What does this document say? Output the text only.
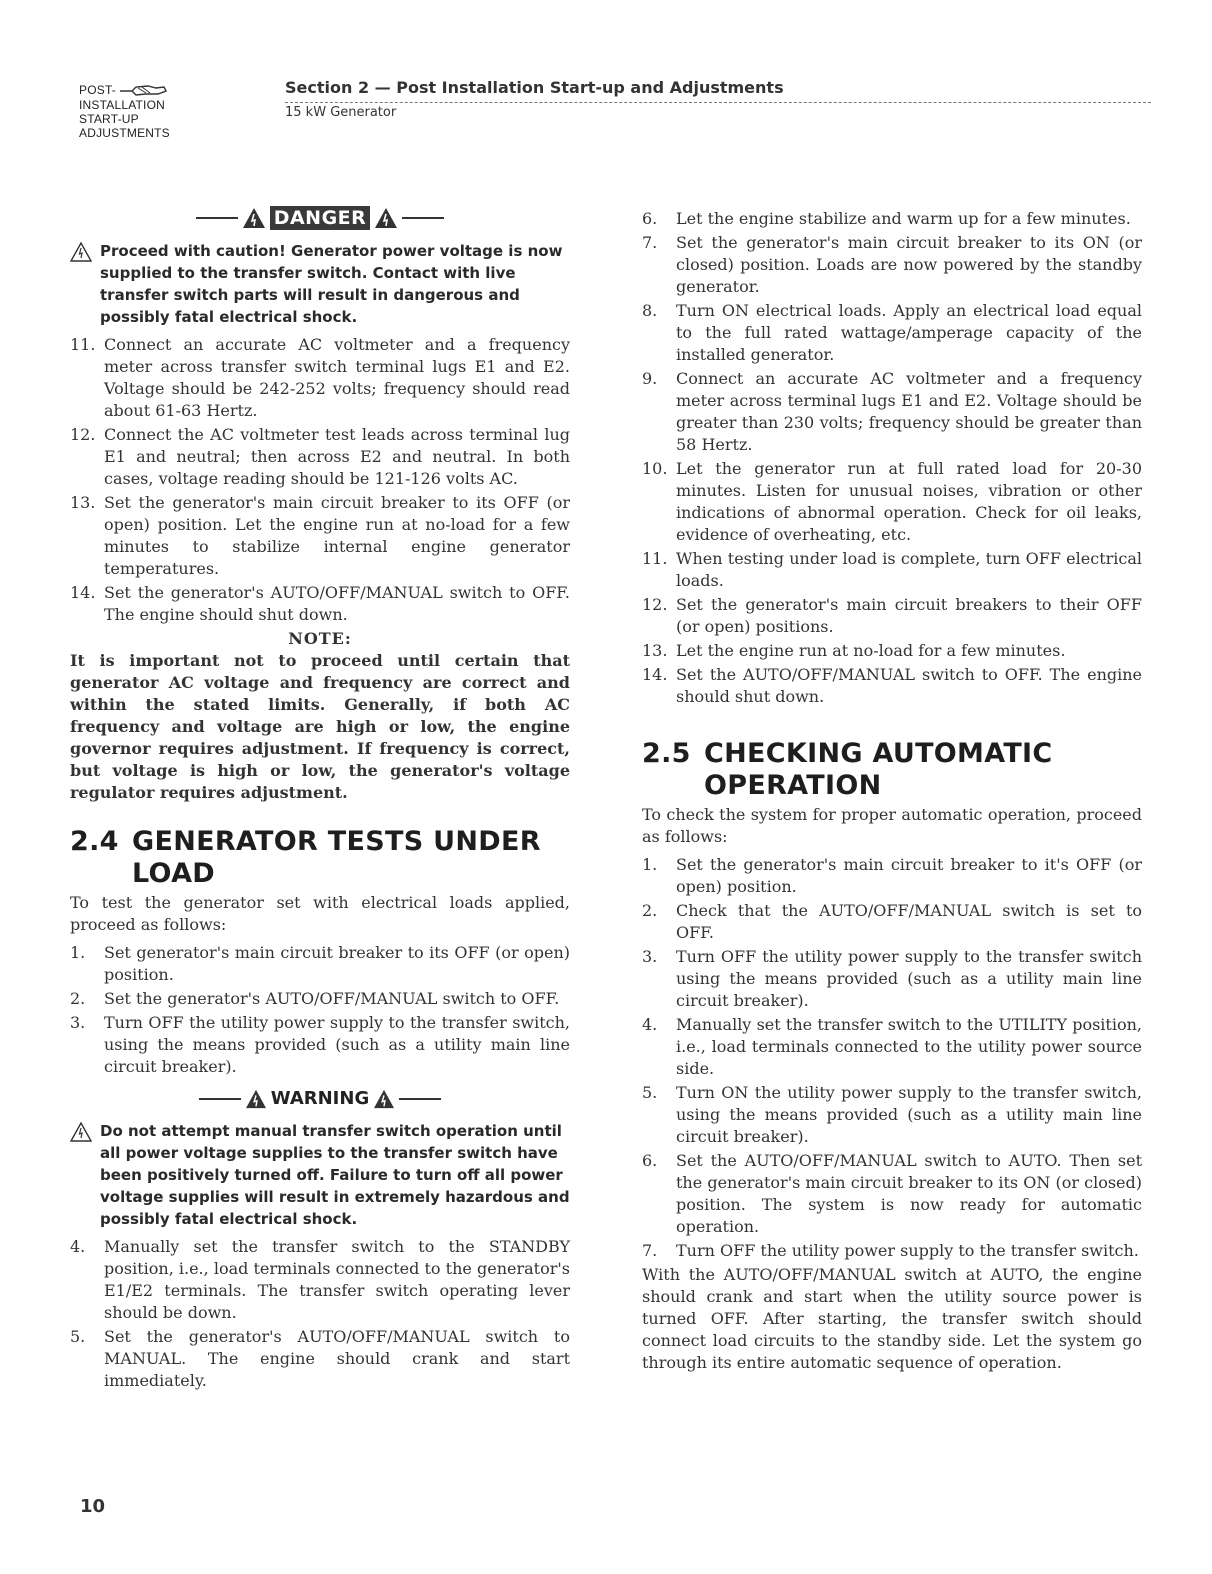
POST-
INSTALLATION
START-UP
ADJUSTMENTS
Section 2 — Post Installation Start-up and Adjustments
15 kW Generator
DANGER
Proceed with caution! Generator power voltage is now supplied to the transfer switch. Contact with live transfer switch parts will result in dangerous and possibly fatal electrical shock.
11. Connect an accurate AC voltmeter and a frequency meter across transfer switch terminal lugs E1 and E2. Voltage should be 242-252 volts; frequency should read about 61-63 Hertz.
12. Connect the AC voltmeter test leads across terminal lug E1 and neutral; then across E2 and neutral. In both cases, voltage reading should be 121-126 volts AC.
13. Set the generator's main circuit breaker to its OFF (or open) position. Let the engine run at no-load for a few minutes to stabilize internal engine generator temperatures.
14. Set the generator's AUTO/OFF/MANUAL switch to OFF. The engine should shut down.
NOTE:
It is important not to proceed until certain that generator AC voltage and frequency are correct and within the stated limits. Generally, if both AC frequency and voltage are high or low, the engine governor requires adjustment. If frequency is correct, but voltage is high or low, the generator's voltage regulator requires adjustment.
2.4 GENERATOR TESTS UNDER LOAD
To test the generator set with electrical loads applied, proceed as follows:
1.	Set generator's main circuit breaker to its OFF (or open) position.
2.	Set the generator's AUTO/OFF/MANUAL switch to OFF.
3.	Turn OFF the utility power supply to the transfer switch, using the means provided (such as a utility main line circuit breaker).
WARNING
Do not attempt manual transfer switch operation until all power voltage supplies to the transfer switch have been positively turned off. Failure to turn off all power voltage supplies will result in extremely hazardous and possibly fatal electrical shock.
4.	Manually set the transfer switch to the STANDBY position, i.e., load terminals connected to the generator's E1/E2 terminals. The transfer switch operating lever should be down.
5.	Set the generator's AUTO/OFF/MANUAL switch to MANUAL. The engine should crank and start immediately.
6.	Let the engine stabilize and warm up for a few minutes.
7.	Set the generator's main circuit breaker to its ON (or closed) position. Loads are now powered by the standby generator.
8.	Turn ON electrical loads. Apply an electrical load equal to the full rated wattage/amperage capacity of the installed generator.
9.	Connect an accurate AC voltmeter and a frequency meter across terminal lugs E1 and E2. Voltage should be greater than 230 volts; frequency should be greater than 58 Hertz.
10. Let the generator run at full rated load for 20-30 minutes. Listen for unusual noises, vibration or other indications of abnormal operation. Check for oil leaks, evidence of overheating, etc.
11. When testing under load is complete, turn OFF electrical loads.
12. Set the generator's main circuit breakers to their OFF (or open) positions.
13. Let the engine run at no-load for a few minutes.
14. Set the AUTO/OFF/MANUAL switch to OFF. The engine should shut down.
2.5 CHECKING AUTOMATIC OPERATION
To check the system for proper automatic operation, proceed as follows:
1.	Set the generator's main circuit breaker to it's OFF (or open) position.
2.	Check that the AUTO/OFF/MANUAL switch is set to OFF.
3.	Turn OFF the utility power supply to the transfer switch using the means provided (such as a utility main line circuit breaker).
4.	Manually set the transfer switch to the UTILITY position, i.e., load terminals connected to the utility power source side.
5.	Turn ON the utility power supply to the transfer switch, using the means provided (such as a utility main line circuit breaker).
6.	Set the AUTO/OFF/MANUAL switch to AUTO. Then set the generator's main circuit breaker to its ON (or closed) position. The system is now ready for automatic operation.
7.	Turn OFF the utility power supply to the transfer switch.
With the AUTO/OFF/MANUAL switch at AUTO, the engine should crank and start when the utility source power is turned OFF. After starting, the transfer switch should connect load circuits to the standby side. Let the system go through its entire automatic sequence of operation.
10
